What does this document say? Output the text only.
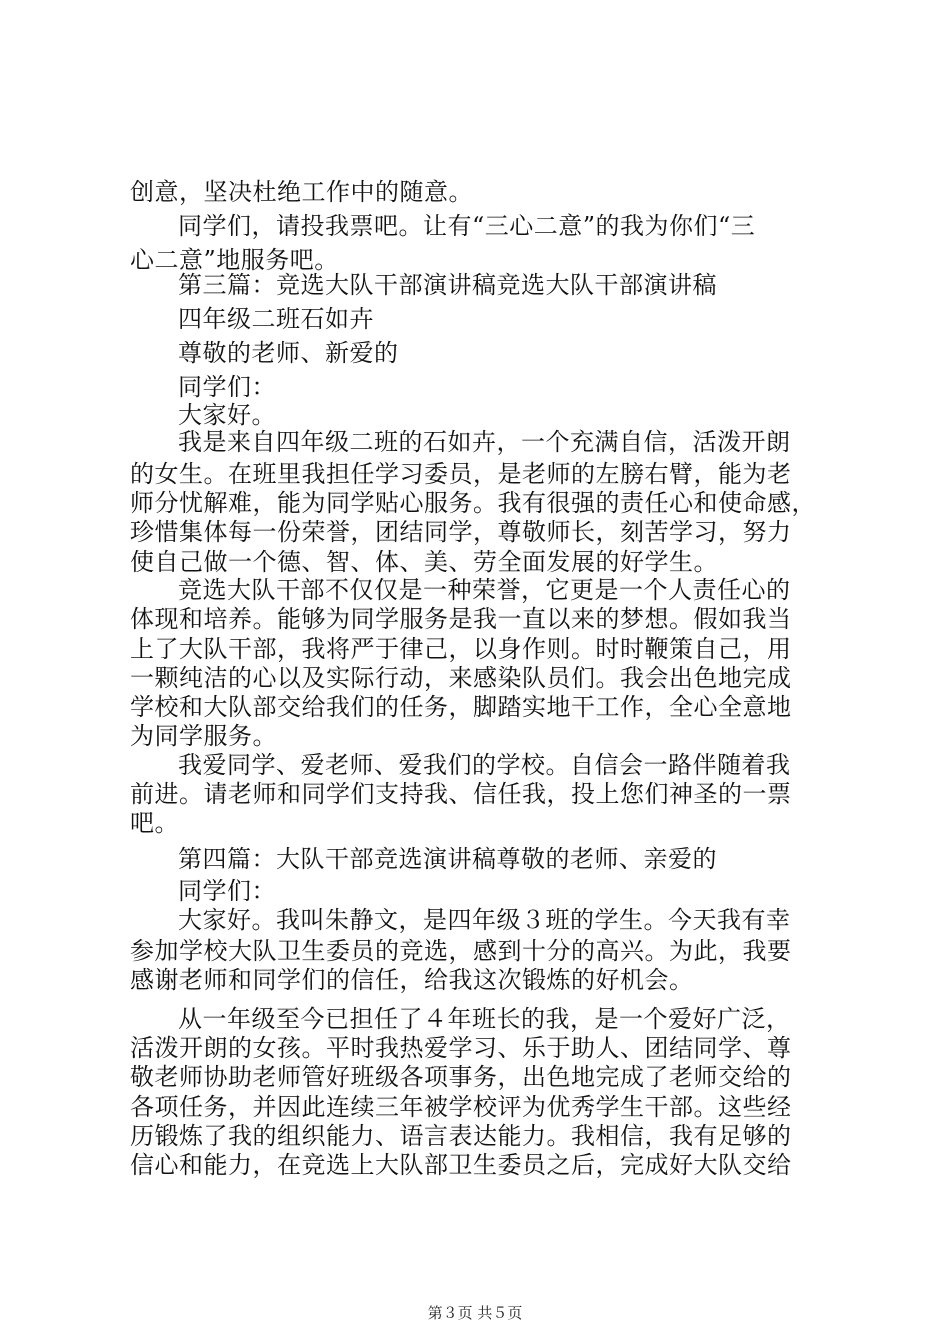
创意，坚决杜绝工作中的随意。
同学们，请投我票吧。让有“三心二意”的我为你们“三
心二意”地服务吧。
第三篇：竞选大队干部演讲稿竞选大队干部演讲稿
四年级二班石如卉
尊敬的老师、新爱的
同学们：
大家好。
我是来自四年级二班的石如卉，一个充满自信，活泼开朗
的女生。在班里我担任学习委员，是老师的左膀右臂，能为老
师分忧解难，能为同学贴心服务。我有很强的责任心和使命感，
珍惜集体每一份荣誉，团结同学，尊敬师长，刻苦学习，努力
使自己做一个德、智、体、美、劳全面发展的好学生。
竞选大队干部不仅仅是一种荣誉，它更是一个人责任心的
体现和培养。能够为同学服务是我一直以来的梦想。假如我当
上了大队干部，我将严于律己，以身作则。时时鞭策自己，用
一颗纯洁的心以及实际行动，来感染队员们。我会出色地完成
学校和大队部交给我们的任务，脚踏实地干工作，全心全意地
为同学服务。
我爱同学、爱老师、爱我们的学校。自信会一路伴随着我
前进。请老师和同学们支持我、信任我，投上您们神圣的一票
吧。
第四篇：大队干部竞选演讲稿尊敬的老师、亲爱的
同学们：
大家好。我叫朱静文，是四年级３班的学生。今天我有幸
参加学校大队卫生委员的竞选，感到十分的高兴。为此，我要
感谢老师和同学们的信任，给我这次锻炼的好机会。
从一年级至今已担任了４年班长的我，是一个爱好广泛，
活泼开朗的女孩。平时我热爱学习、乐于助人、团结同学、尊
敬老师协助老师管好班级各项事务，出色地完成了老师交给的
各项任务，并因此连续三年被学校评为优秀学生干部。这些经
历锻炼了我的组织能力、语言表达能力。我相信，我有足够的
信心和能力，在竞选上大队部卫生委员之后，完成好大队交给
第３页 共５页
